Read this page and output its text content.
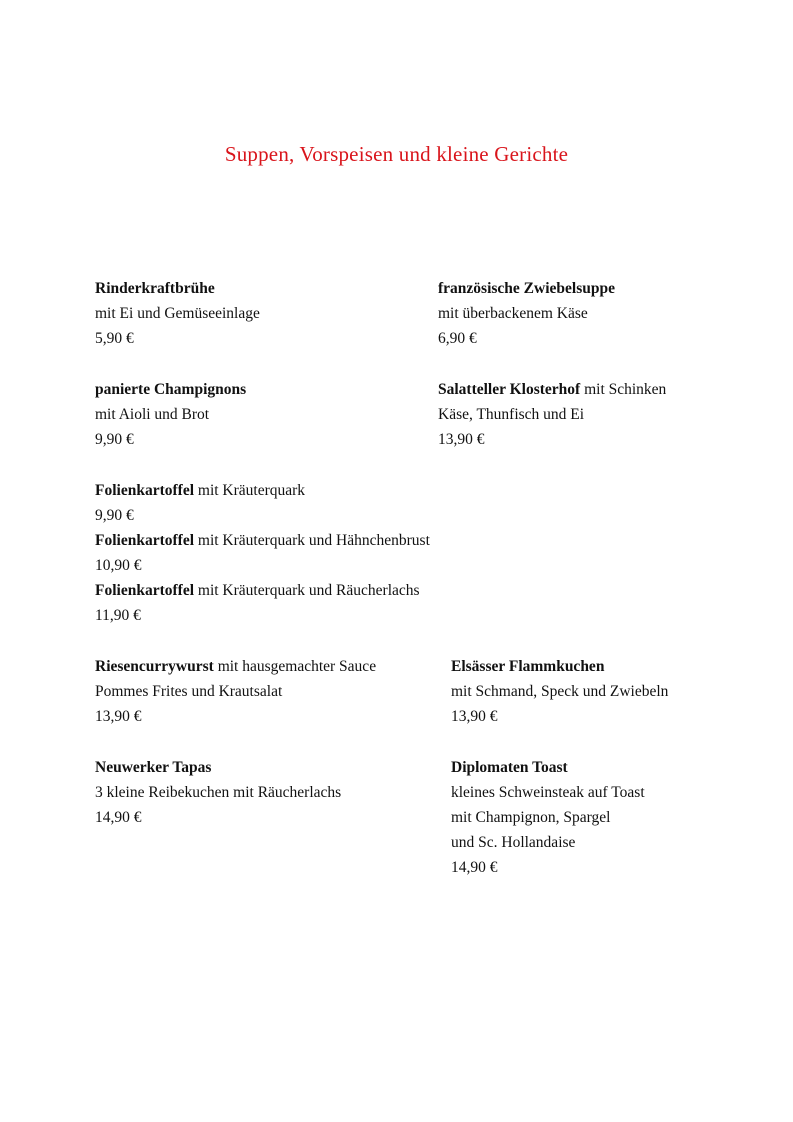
Suppen, Vorspeisen und kleine Gerichte
Rinderkraftbrühe
mit Ei und Gemüseeinlage
5,90 €
französische Zwiebelsuppe
mit überbackenem Käse
6,90 €
panierte Champignons
mit Aioli und Brot
9,90 €
Salatteller Klosterhof mit Schinken
Käse, Thunfisch und Ei
13,90 €
Folienkartoffel mit Kräuterquark
9,90 €
Folienkartoffel mit Kräuterquark und Hähnchenbrust
10,90 €
Folienkartoffel mit Kräuterquark und Räucherlachs
11,90 €
Riesencurrywurst mit hausgemachter Sauce
Pommes Frites und Krautsalat
13,90 €
Elsässer Flammkuchen
mit Schmand, Speck und Zwiebeln
13,90 €
Neuwerker Tapas
3 kleine Reibekuchen mit Räucherlachs
14,90 €
Diplomaten Toast
kleines Schweinsteak auf Toast
mit Champignon, Spargel
und Sc. Hollandaise
14,90 €
